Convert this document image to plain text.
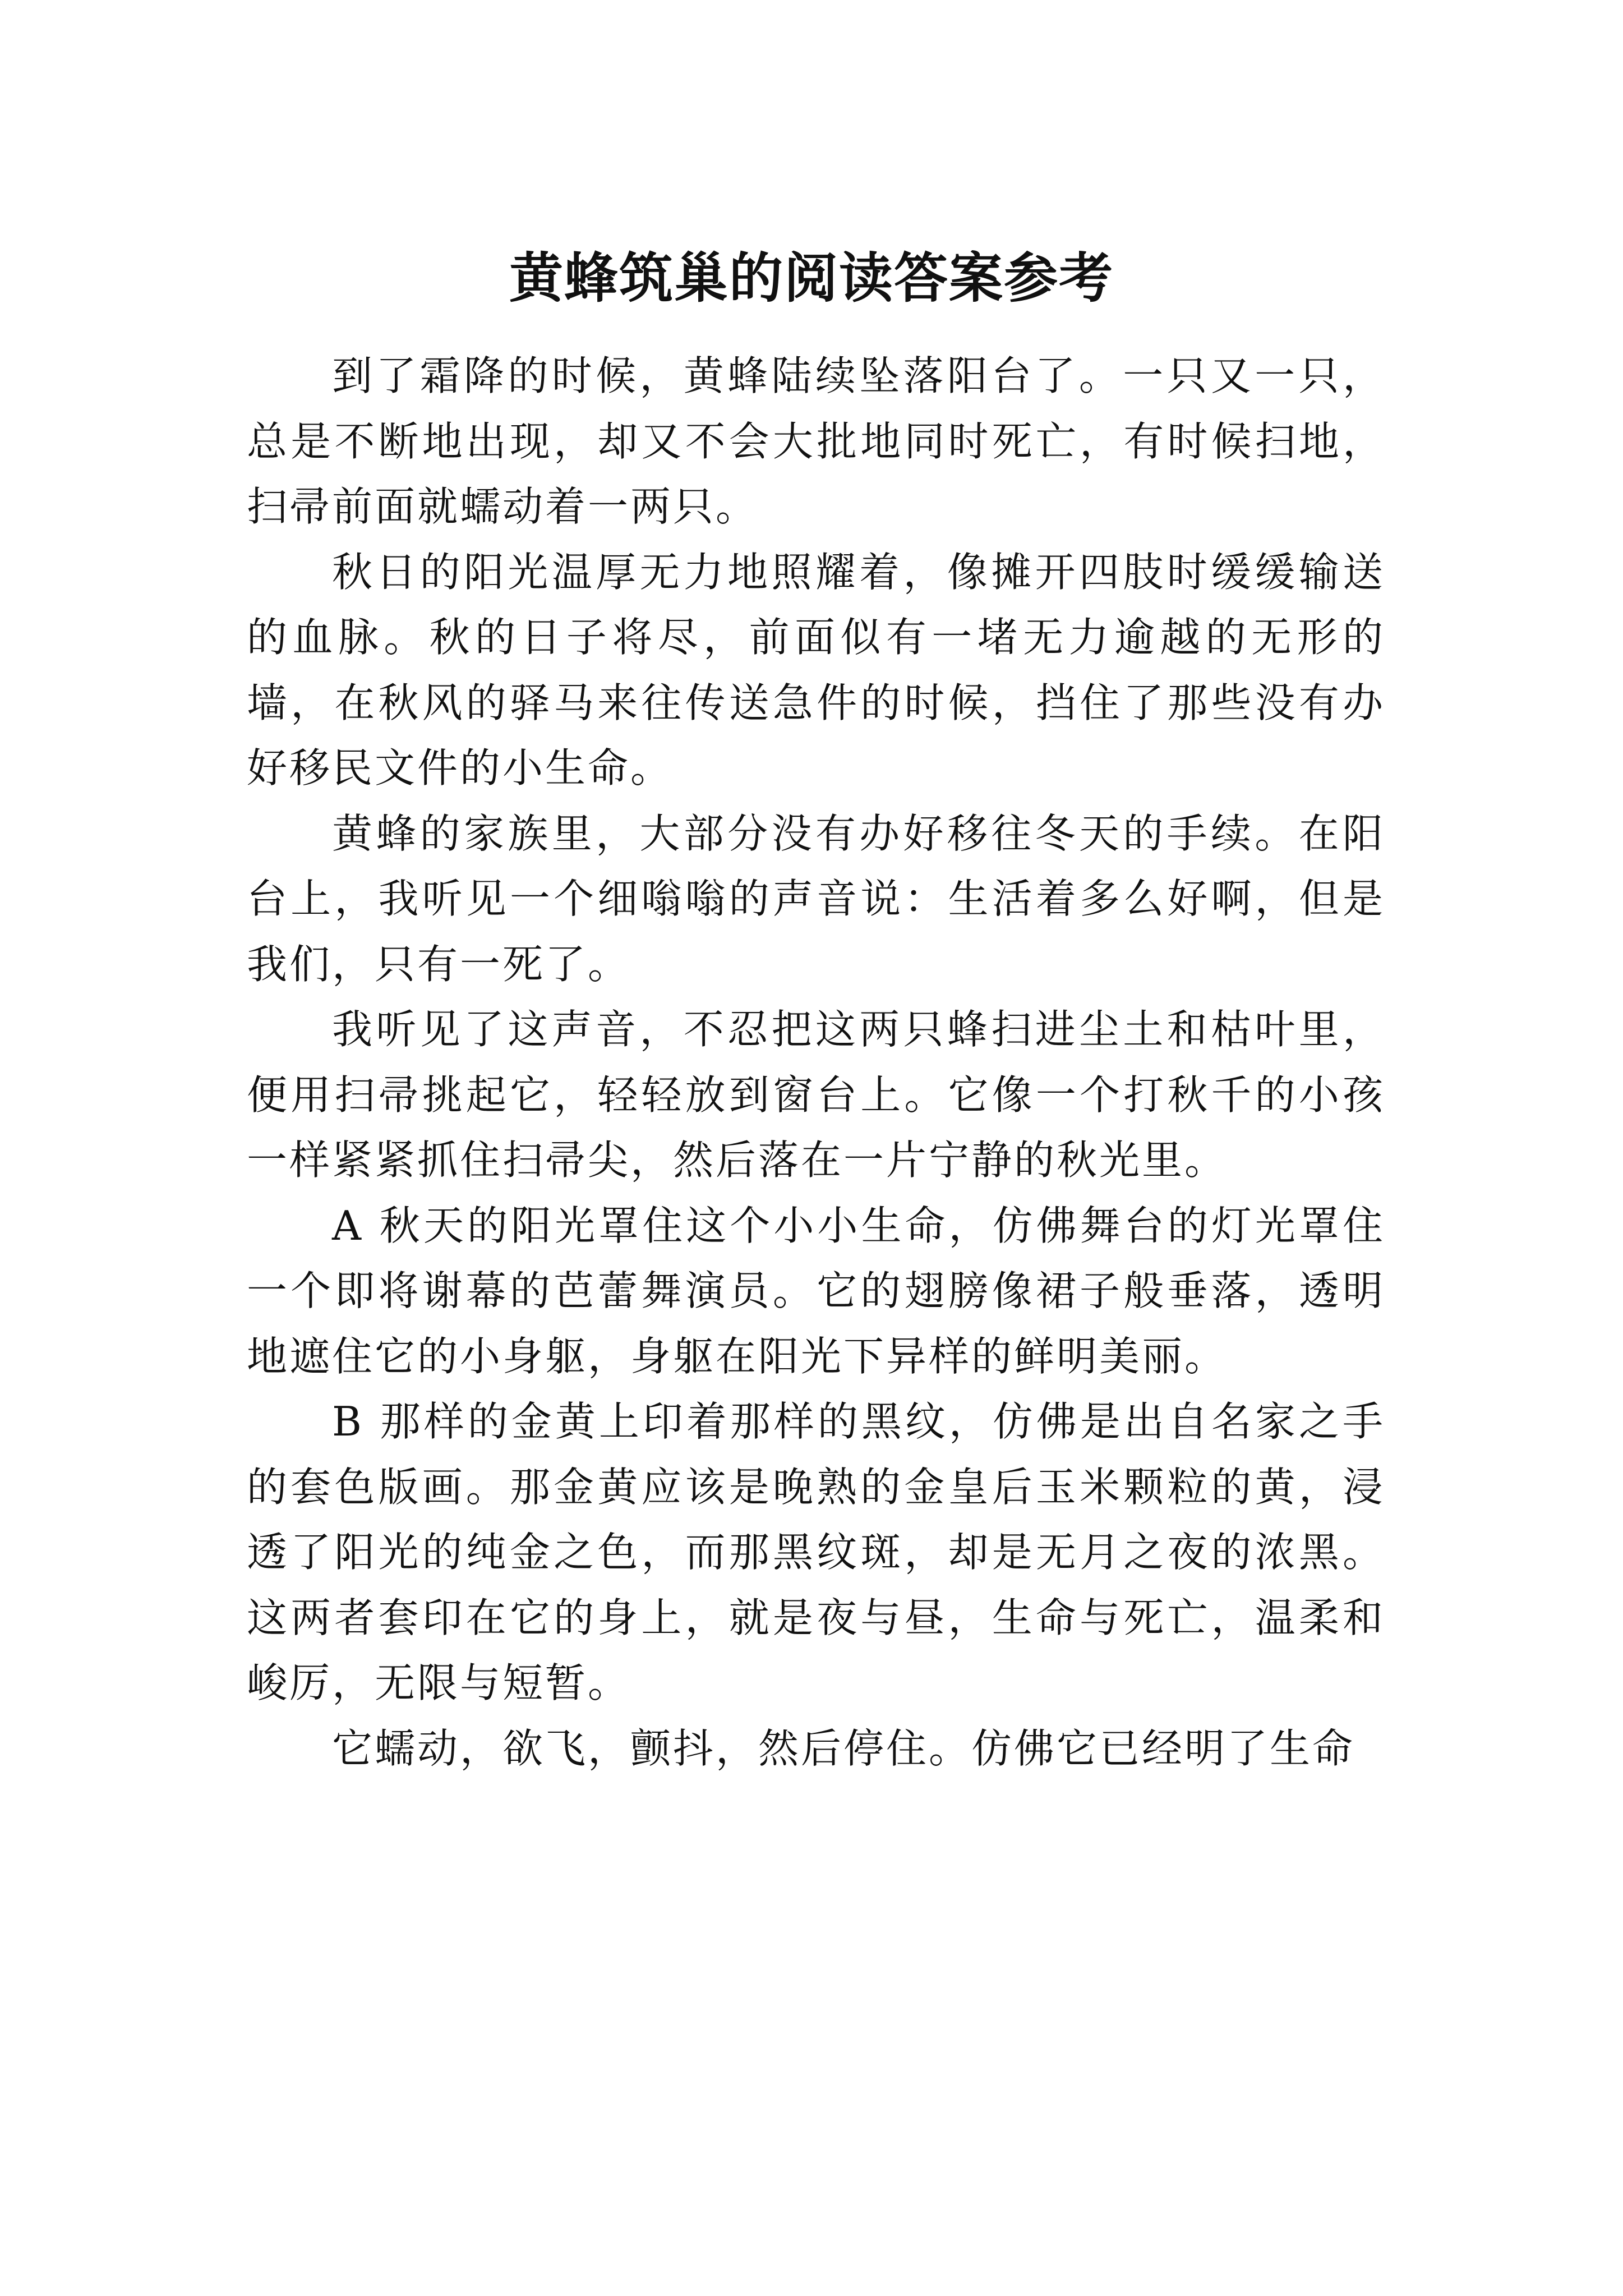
黄蜂筑巢的阅读答案参考

到了霜降的时候，黄蜂陆续坠落阳台了。一只又一只，总是不断地出现，却又不会大批地同时死亡，有时候扫地，扫帚前面就蠕动着一两只。

秋日的阳光温厚无力地照耀着，像摊开四肢时缓缓输送的血脉。秋的日子将尽，前面似有一堵无力逾越的无形的墙，在秋风的驿马来往传送急件的时候，挡住了那些没有办好移民文件的小生命。

黄蜂的家族里，大部分没有办好移往冬天的手续。在阳台上，我听见一个细嗡嗡的声音说：生活着多么好啊，但是我们，只有一死了。

我听见了这声音，不忍把这两只蜂扫进尘土和枯叶里，便用扫帚挑起它，轻轻放到窗台上。它像一个打秋千的小孩一样紧紧抓住扫帚尖，然后落在一片宁静的秋光里。

A 秋天的阳光罩住这个小小生命，仿佛舞台的灯光罩住一个即将谢幕的芭蕾舞演员。它的翅膀像裙子般垂落，透明地遮住它的小身躯，身躯在阳光下异样的鲜明美丽。

B 那样的金黄上印着那样的黑纹，仿佛是出自名家之手的套色版画。那金黄应该是晚熟的金皇后玉米颗粒的黄，浸透了阳光的纯金之色，而那黑纹斑，却是无月之夜的浓黑。这两者套印在它的身上，就是夜与昼，生命与死亡，温柔和峻厉，无限与短暂。

它蠕动，欲飞，颤抖，然后停住。仿佛它已经明了生命
